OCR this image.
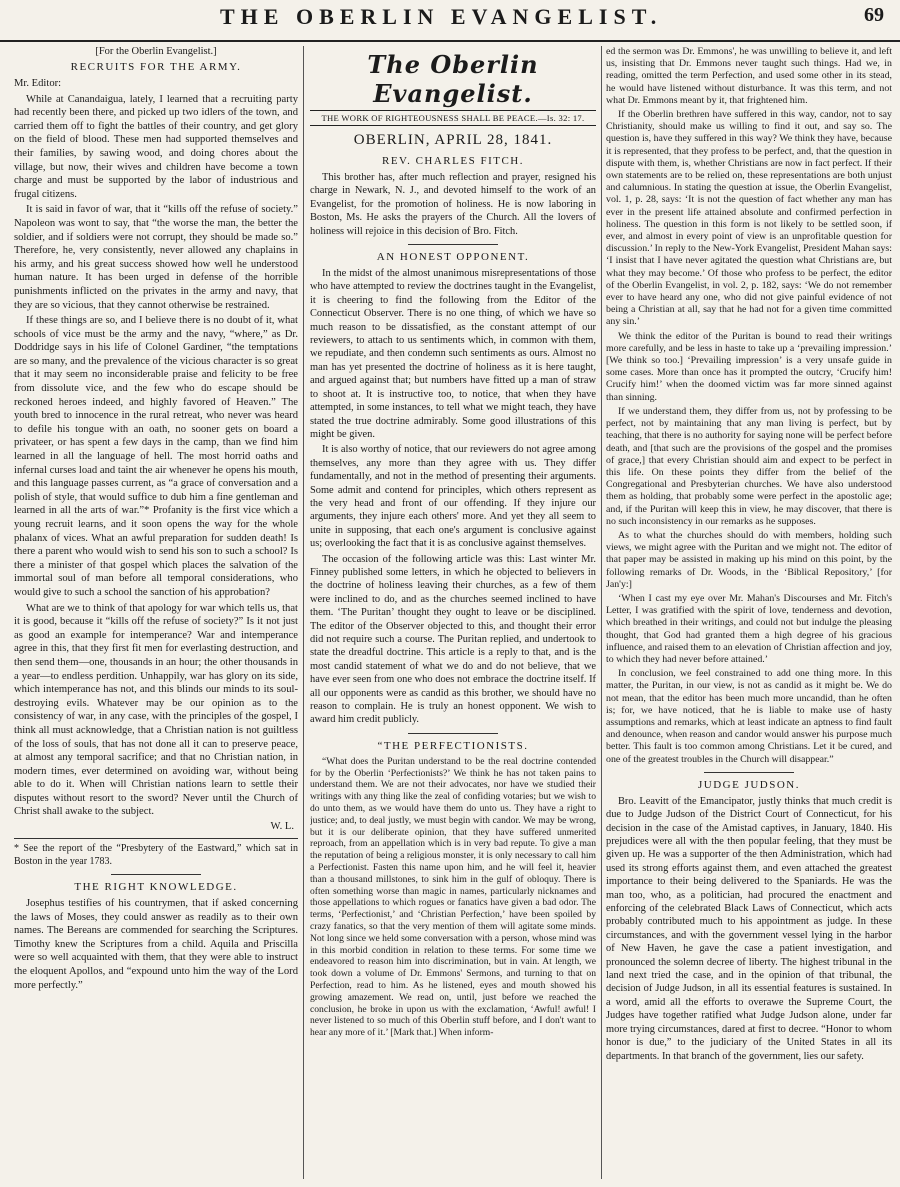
THE OBERLIN EVANGELIST.	69
[For the Oberlin Evangelist.]
RECRUITS FOR THE ARMY.

Mr. Editor:

While at Canandaigua, lately, I learned that a recruiting party had recently been there, and picked up two idlers of the town, and carried them off to fight the battles of their country, and get glory on the field of blood. These men had supported themselves and their families, by sawing wood, and doing chores about the village, but now, their wives and children have become a town charge and must be supported by the labor of industrious and frugal citizens.

It is said in favor of war, that it “kills off the refuse of society.” Napoleon was wont to say, that “the worse the man, the better the soldier, and if soldiers were not corrupt, they should be made so.” Therefore, he, very consistently, never allowed any chaplains in his army, and his great success showed how well he understood human nature. It has been urged in defense of the horrible punishments inflicted on the privates in the army and navy, that they are so vicious, that they cannot otherwise be restrained.

If these things are so, and I believe there is no doubt of it, what schools of vice must be the army and the navy, “where,” as Dr. Doddridge says in his life of Colonel Gardiner, “the temptations are so many, and the prevalence of the vicious character is so great that it may seem no inconsiderable praise and felicity to be free from dissolute vice, and the few who do escape should be reckoned heroes indeed, and highly favored of Heaven.” The youth bred to innocence in the rural retreat, who never was heard to defile his tongue with an oath, no sooner gets on board a privateer, or has spent a few days in the camp, than we find him learned in all the language of hell. The most horrid oaths and infernal curses load and taint the air whenever he opens his mouth, and this language passes current, as “a grace of conversation and a polish of style, that would suffice to dub him a fine gentleman and learned in all the arts of war.”* Profanity is the first vice which a young recruit learns, and it soon opens the way for the whole phalanx of vices. What an awful preparation for sudden death! Is there a parent who would wish to send his son to such a school? Is there a minister of that gospel which places the salvation of the immortal soul of man before all temporal considerations, who would give to such a school the sanction of his approbation?

What are we to think of that apology for war which tells us, that it is good, because it “kills off the refuse of society?” Is it not just as good an example for intemperance? War and intemperance agree in this, that they first fit men for everlasting destruction, and then send them—one, thousands in an hour; the other thousands in a year—to endless perdition. Unhappily, war has glory on its side, which intemperance has not, and this blinds our minds to its soul-destroying evils. Whatever may be our opinion as to the consistency of war, in any case, with the principles of the gospel, I think all must acknowledge, that a Christian nation is not guiltless of the loss of souls, that has not done all it can to preserve peace, at almost any temporal sacrifice; and that no Christian nation, in modern times, ever determined on avoiding war, without being able to do it. When will Christian nations learn to settle their disputes without resort to the sword? Never until the Church of Christ shall awake to the subject.

W. L.

* See the report of the “Presbytery of the Eastward,” which sat in Boston in the year 1783.

THE RIGHT KNOWLEDGE.

Josephus testifies of his countrymen, that if asked concerning the laws of Moses, they could answer as readily as to their own names. The Bereans are commended for searching the Scriptures. Timothy knew the Scriptures from a child. Aquila and Priscilla were so well acquainted with them, that they were able to instruct the eloquent Apollos, and “expound unto him the way of the Lord more perfectly.”

The Oberlin Evangelist.
THE WORK OF RIGHTEOUSNESS SHALL BE PEACE.—Is. 32: 17.
OBERLIN, APRIL 28, 1841.
REV. CHARLES FITCH.

This brother has, after much reflection and prayer, resigned his charge in Newark, N. J., and devoted himself to the work of an Evangelist, for the promotion of holiness. He is now laboring in Boston, Ms. He asks the prayers of the Church. All the lovers of holiness will rejoice in this decision of Bro. Fitch.

AN HONEST OPPONENT.

In the midst of the almost unanimous misrepresentations of those who have attempted to review the doctrines taught in the Evangelist, it is cheering to find the following from the Editor of the Connecticut Observer. There is no one thing, of which we have so much reason to be dissatisfied, as the constant attempt of our reviewers, to attach to us sentiments which, in common with them, we repudiate, and then condemn such sentiments as ours. Almost no man has yet presented the doctrine of holiness as it is here taught, and argued against that; but numbers have fitted up a man of straw to shoot at. It is instructive too, to notice, that when they have attempted, in some instances, to tell what we might teach, they have stated the true doctrine admirably. Some good illustrations of this might be given.

It is also worthy of notice, that our reviewers do not agree among themselves, any more than they agree with us. They differ fundamentally, and not in the method of presenting their arguments. Some admit and contend for principles, which others represent as the very head and front of our offending. If they injure our arguments, they injure each others' more. And yet they all seem to unite in supposing, that each one's argument is conclusive against us; overlooking the fact that it is as conclusive against themselves.

The occasion of the following article was this: Last winter Mr. Finney published some letters, in which he objected to believers in the doctrine of holiness leaving their churches, as a few of them were inclined to do, and as the churches seemed inclined to have them. ‘The Puritan’ thought they ought to leave or be disciplined. The editor of the Observer objected to this, and thought their error did not require such a course. The Puritan replied, and undertook to state the dreadful doctrine. This article is a reply to that, and is the most candid statement of what we do and do not believe, that we have ever seen from one who does not embrace the doctrine itself. If all our opponents were as candid as this brother, we should have no reason to complain. He is truly an honest opponent. We wish to award him credit publicly.

“THE PERFECTIONISTS.

“What does the Puritan understand to be the real doctrine contended for by the Oberlin ‘Perfectionists?’ We think he has not taken pains to understand them. We are not their advocates, nor have we studied their writings with any thing like the zeal of confiding votaries; but we wish to do unto them, as we would have them do unto us. They have a right to justice; and, to deal justly, we must begin with candor. We may be wrong, but it is our deliberate opinion, that they have suffered unmerited reproach, from an appellation which is in very bad repute. To give a man the reputation of being a religious monster, it is only necessary to call him a Perfectionist. Fasten this name upon him, and he will feel it, heavier than a thousand millstones, to sink him in the gulf of obloquy. There is often something worse than magic in names, particularly nicknames and those appellations to which rogues or fanatics have given a bad odor. The terms, ‘Perfectionist,’ and ‘Christian Perfection,’ have been spoiled by crazy fanatics, so that the very mention of them will agitate some minds. Not long since we held some conversation with a person, whose mind was in this morbid condition in relation to these terms. For some time we endeavored to reason him into discrimination, but in vain. At length, we took down a volume of Dr. Emmons' Sermons, and turning to that on Perfection, read to him. As he listened, eyes and mouth showed his growing amazement. We read on, until, just before we reached the conclusion, he broke in upon us with the exclamation, ‘Awful! awful! I never listened to so much of this Oberlin stuff before, and I don't want to hear any more of it.’ [Mark that.] When inform-

ed the sermon was Dr. Emmons', he was unwilling to believe it, and left us, insisting that Dr. Emmons never taught such things. Had we, in reading, omitted the term Perfection, and used some other in its stead, he would have listened without disturbance. It was this term, and not what Dr. Emmons meant by it, that frightened him.

If the Oberlin brethren have suffered in this way, candor, not to say Christianity, should make us willing to find it out, and say so. The question is, have they suffered in this way? We think they have, because it is represented, that they profess to be perfect, and, that the question in dispute with them, is, whether Christians are now in fact perfect. If their own statements are to be relied on, these representations are both unjust and calumnious. In stating the question at issue, the Oberlin Evangelist, vol. 1, p. 28, says: ‘It is not the question of fact whether any man has ever in the present life attained absolute and confirmed perfection in holiness. The question in this form is not likely to be settled soon, if ever, and almost in every point of view is an unprofitable question for discussion.’ In reply to the New-York Evangelist, President Mahan says: ‘I insist that I have never agitated the question what Christians are, but what they may become.’ Of those who profess to be perfect, the editor of the Oberlin Evangelist, in vol. 2, p. 182, says: ‘We do not remember ever to have heard any one, who did not give painful evidence of not being a Christian at all, say that he had not for a given time committed any sin.’

We think the editor of the Puritan is bound to read their writings more carefully, and be less in haste to take up a ‘prevailing impression.’ [We think so too.] ‘Prevailing impression’ is a very unsafe guide in some cases. More than once has it prompted the outcry, ‘Crucify him! Crucify him!’ when the doomed victim was far more sinned against than sinning.

If we understand them, they differ from us, not by professing to be perfect, not by maintaining that any man living is perfect, but by teaching, that there is no authority for saying none will be perfect before death, and [that such are the provisions of the gospel and the promises of grace,] that every Christian should aim and expect to be perfect in this life. On these points they differ from the belief of the Congregational and Presbyterian churches. We have also understood them as holding, that probably some were perfect in the apostolic age; and, if the Puritan will keep this in view, he may discover, that there is no such inconsistency in our remarks as he supposes.

As to what the churches should do with members, holding such views, we might agree with the Puritan and we might not. The editor of that paper may be assisted in making up his mind on this point, by the following remarks of Dr. Woods, in the ‘Biblical Repository,’ [for Jan'y:]

‘When I cast my eye over Mr. Mahan's Discourses and Mr. Fitch's Letter, I was gratified with the spirit of love, tenderness and devotion, which breathed in their writings, and could not but indulge the pleasing thought, that God had granted them a high degree of his gracious influence, and raised them to an elevation of Christian affection and joy, to which they had never before attained.’

In conclusion, we feel constrained to add one thing more. In this matter, the Puritan, in our view, is not as candid as it might be. We do not mean, that the editor has been much more uncandid, than he often is; for, we have noticed, that he is liable to make use of hasty assumptions and remarks, which at least indicate an aptness to find fault and denounce, when reason and candor would answer his purpose much better. This fault is too common among Christians. Let it be cured, and one of the greatest troubles in the Church will disappear.”

JUDGE JUDSON.

Bro. Leavitt of the Emancipator, justly thinks that much credit is due to Judge Judson of the District Court of Connecticut, for his decision in the case of the Amistad captives, in January, 1840. His prejudices were all with the then popular feeling, that they must be given up. He was a supporter of the then Administration, which had used its strong efforts against them, and even attached the greatest importance to their being delivered to the Spaniards. He was the man too, who, as a politician, had procured the enactment and enforcing of the celebrated Black Laws of Connecticut, which acts probably contributed much to his appointment as judge. In these circumstances, and with the government vessel lying in the harbor of New Haven, he gave the case a patient investigation, and pronounced the solemn decree of liberty. The highest tribunal in the land next tried the case, and in the opinion of that tribunal, the decision of Judge Judson, in all its essential features is sustained. In a word, amid all the efforts to overawe the Supreme Court, the Judges have together ratified what Judge Judson alone, under far more trying circumstances, dared at first to decree. “Honor to whom honor is due,” to the judiciary of the United States in all its departments. In that branch of the government, lies our safety.
